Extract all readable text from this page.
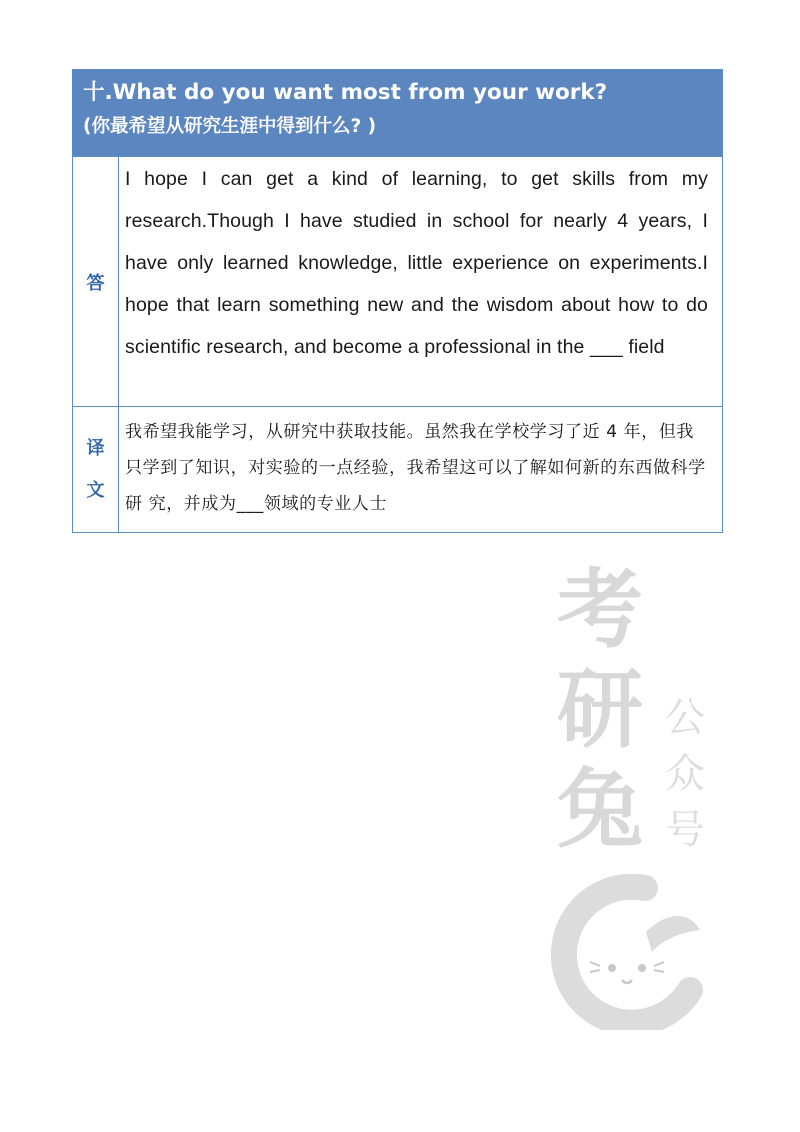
十.What do you want most from your work?
(你最希望从研究生涯中得到什么? )
答
I hope I can get a kind of learning, to get skills from my research.Though I have studied in school for nearly 4 years, I have only learned knowledge, little experience on experiments.I hope that learn something new and the wisdom about how to do scientific research, and become a professional in the ___ field
译
文
我希望我能学习，从研究中获取技能。虽然我在学校学习了近 4 年，但我只学到了知识，对实验的一点经验，我希望这可以了解如何新的东西做科学研 究，并成为___领域的专业人士
考研兔
公众号
